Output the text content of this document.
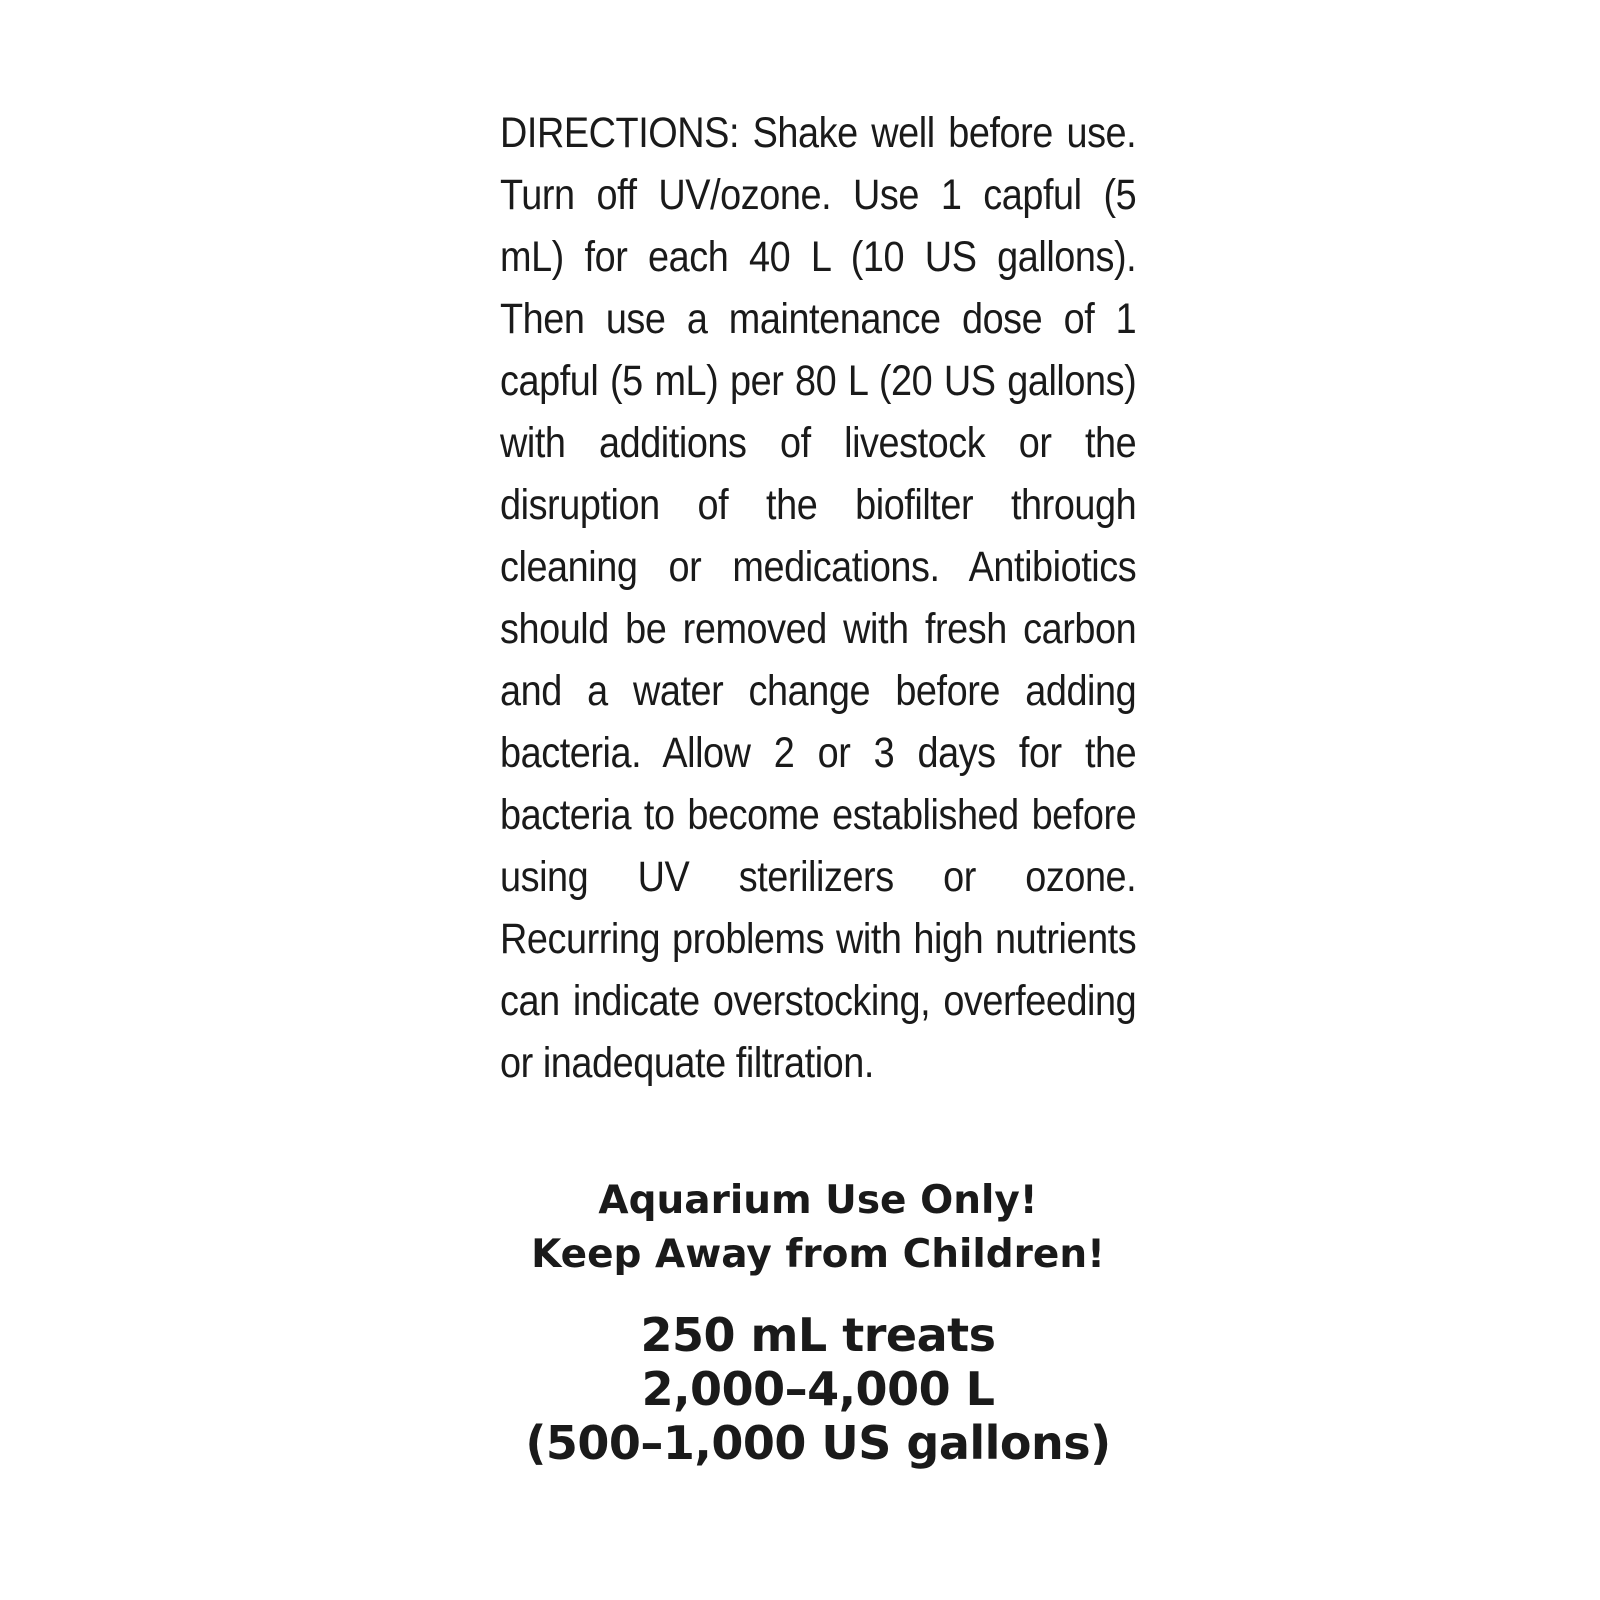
DIRECTIONS: Shake well before use. Turn off UV/ozone. Use 1 capful (5 mL) for each 40 L (10 US gallons). Then use a maintenance dose of 1 capful (5 mL) per 80 L (20 US gallons) with additions of livestock or the disruption of the biofilter through cleaning or medications. Antibiotics should be removed with fresh carbon and a water change before adding bacteria. Allow 2 or 3 days for the bacteria to become established before using UV sterilizers or ozone. Recurring problems with high nutrients can indicate overstocking, overfeeding or inadequate filtration.

Aquarium Use Only!
Keep Away from Children!
250 mL treats
2,000–4,000 L
(500–1,000 US gallons)
